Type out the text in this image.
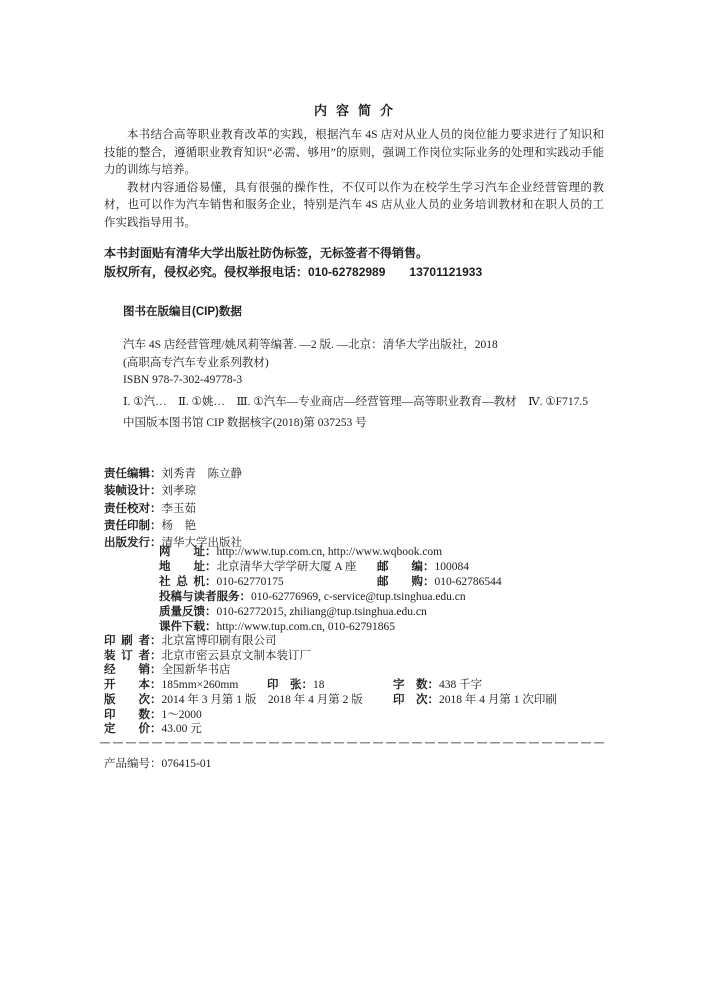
内容简介

本书结合高等职业教育改革的实践，根据汽车 4S 店对从业人员的岗位能力要求进行了知识和技能的整合，遵循职业教育知识“必需、够用”的原则，强调工作岗位实际业务的处理和实践动手能力的训练与培养。

教材内容通俗易懂，具有很强的操作性，不仅可以作为在校学生学习汽车企业经营管理的教材，也可以作为汽车销售和服务企业，特别是汽车 4S 店从业人员的业务培训教材和在职人员的工作实践指导用书。

本书封面贴有清华大学出版社防伪标签，无标签者不得销售。
版权所有，侵权必究。侵权举报电话：010-62782989　　13701121933
图书在版编目(CIP)数据
汽车 4S 店经营管理/姚凤莉等编著. —2 版. —北京：清华大学出版社，2018
(高职高专汽车专业系列教材)
ISBN 978-7-302-49778-3
Ⅰ. ①汽…　Ⅱ. ①姚…　Ⅲ. ①汽车—专业商店—经营管理—高等职业教育—教材　Ⅳ. ①F717.5
中国版本图书馆 CIP 数据核字(2018)第 037253 号
责任编辑：刘秀青　陈立静
装帧设计：刘孝琼
责任校对：李玉茹
责任印制：杨　艳
出版发行：清华大学出版社
网　　址：http://www.tup.com.cn, http://www.wqbook.com
地　　址：北京清华大学学研大厦 A 座 邮　　编：100084
社 总 机：010-62770175	邮　　购：010-62786544
投稿与读者服务：010-62776969, c-service@tup.tsinghua.edu.cn
质量反馈：010-62772015, zhiliang@tup.tsinghua.edu.cn
课件下载：http://www.tup.com.cn, 010-62791865
印 刷 者：北京富博印刷有限公司
装 订 者：北京市密云县京文制本装订厂
经　　销：全国新华书店
开　　本：185mm×260mm 印　张：18	字　数：438 千字
版　　次：2014 年 3 月第 1 版　2018 年 4 月第 2 版	印　次：2018 年 4 月第 1 次印刷
印　　数：1～2000
定　　价：43.00 元
产品编号：076415-01
